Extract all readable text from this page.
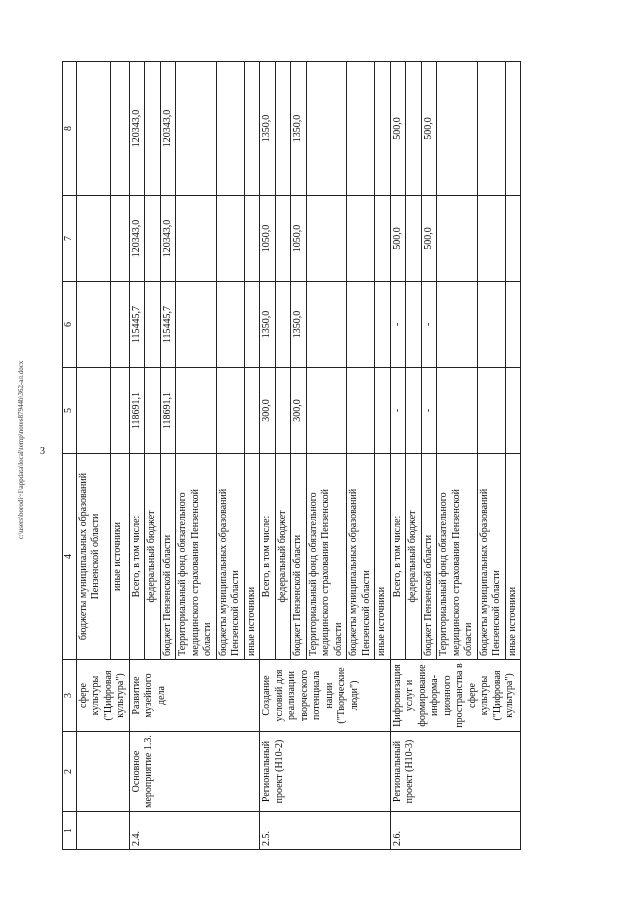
3
c:\users\borodi~1\appdata\local\temp\notes87944b\362-ал.docx
1	2	3	4	5	6	7	8
		сфере культуры ("Цифровая культура")	бюджеты муниципальных образований Пензенской области				
			иные источники				
2.4.	Основное мероприятие 1.3.	Развитие музейного дела	Всего, в том числе:	118691,1	115445,7	120343,0	120343,0
			федеральный бюджет				
			бюджет Пензенской области	118691,1	115445,7	120343,0	120343,0
			Территориальный фонд обязательного медицинского страхования Пензенской области				
			бюджеты муниципальных образований Пензенской области				
			иные источники				
2.5.	Региональный проект (Н10-2)	Создание условий для реализации творческого потенциала нации ("Творческие люди")	Всего, в том числе:	300,0	1350,0	1050,0	1350,0
			федеральный бюджет				
			бюджет Пензенской области	300,0	1350,0	1050,0	1350,0
			Территориальный фонд обязательного медицинского страхования Пензенской области				
			бюджеты муниципальных образований Пензенской области				
			иные источники				
2.6.	Региональный проект (Н10-3)	Цифровизация услуг и формирование информа-ционного пространства в сфере культуры ("Цифровая культура")	Всего, в том числе:	-	-	500,0	500,0
			федеральный бюджет				
			бюджет Пензенской области	-	-	500,0	500,0
			Территориальный фонд обязательного медицинского страхования Пензенской области				
			бюджеты муниципальных образований Пензенской области				
			иные источники				
